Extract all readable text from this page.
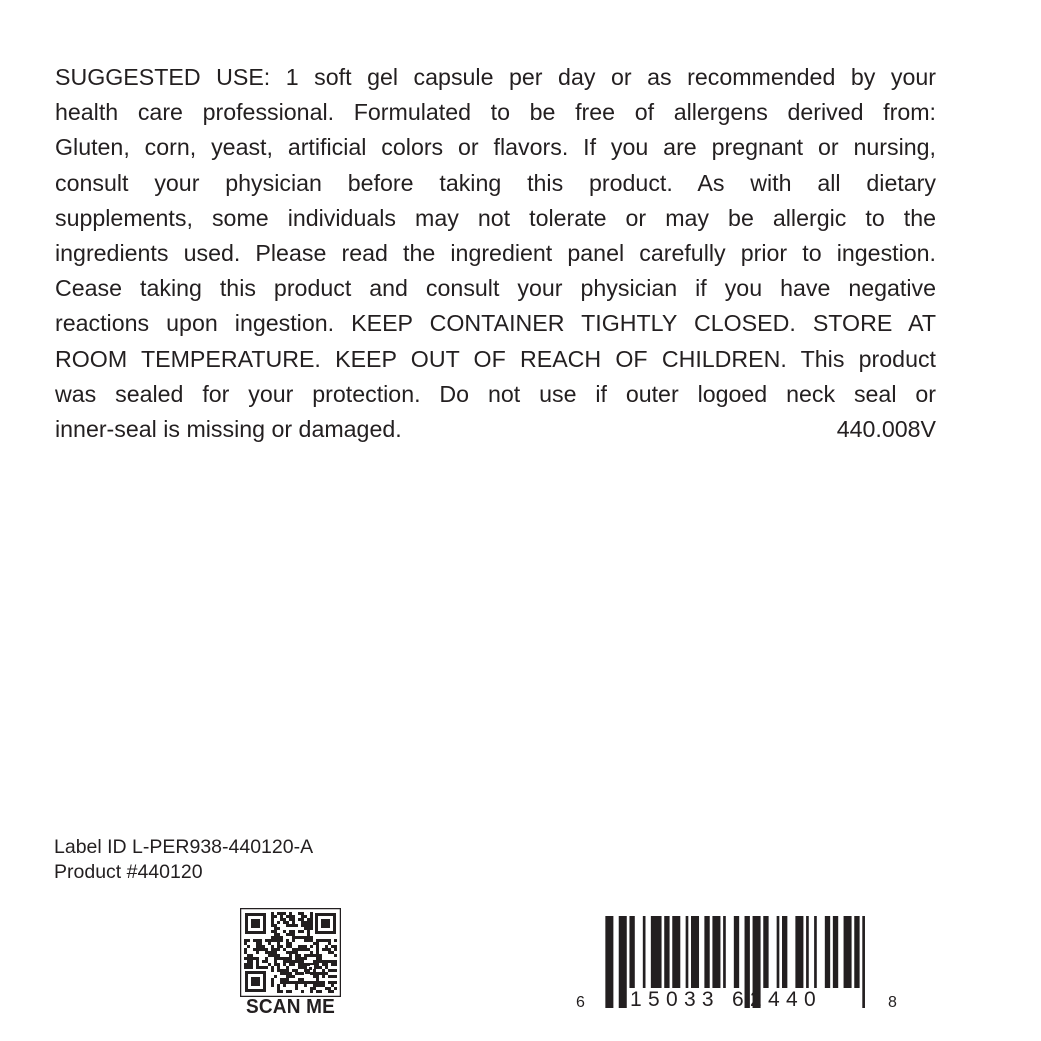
SUGGESTED USE: 1 soft gel capsule per day or as recommended by your
health care professional. Formulated to be free of allergens derived from:
Gluten, corn, yeast, artificial colors or flavors. If you are pregnant or nursing,
consult your physician before taking this product. As with all dietary
supplements, some individuals may not tolerate or may be allergic to the
ingredients used. Please read the ingredient panel carefully prior to ingestion.
Cease taking this product and consult your physician if you have negative
reactions upon ingestion. KEEP CONTAINER TIGHTLY CLOSED. STORE AT
ROOM TEMPERATURE. KEEP OUT OF REACH OF CHILDREN. This product
was sealed for your protection. Do not use if outer logoed neck seal or
inner-seal is missing or damaged.	440.008V
Label ID L-PER938-440120-A
Product #440120
SCAN ME	6 15033 62440	8
